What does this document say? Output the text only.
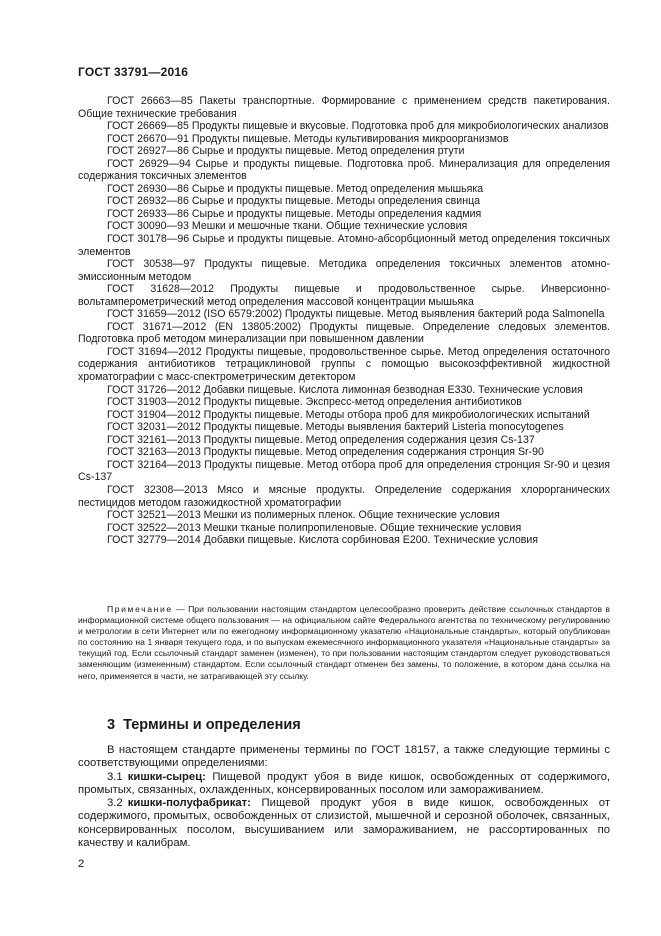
ГОСТ 33791—2016

ГОСТ 26663—85 Пакеты транспортные. Формирование с применением средств пакетирования. Общие технические требования

ГОСТ 26669—85 Продукты пищевые и вкусовые. Подготовка проб для микробиологических анализов

ГОСТ 26670—91 Продукты пищевые. Методы культивирования микроорганизмов

ГОСТ 26927—86 Сырье и продукты пищевые. Метод определения ртути

ГОСТ 26929—94 Сырье и продукты пищевые. Подготовка проб. Минерализация для определения содержания токсичных элементов

ГОСТ 26930—86 Сырье и продукты пищевые. Метод определения мышьяка

ГОСТ 26932—86 Сырье и продукты пищевые. Методы определения свинца

ГОСТ 26933—86 Сырье и продукты пищевые. Методы определения кадмия

ГОСТ 30090—93 Мешки и мешочные ткани. Общие технические условия

ГОСТ 30178—96 Сырье и продукты пищевые. Атомно-абсорбционный метод определения токсичных элементов

ГОСТ 30538—97 Продукты пищевые. Методика определения токсичных элементов атомно-эмиссионным методом

ГОСТ 31628—2012 Продукты пищевые и продовольственное сырье. Инверсионно-вольтамперометрический метод определения массовой концентрации мышьяка

ГОСТ 31659—2012 (ISO 6579:2002) Продукты пищевые. Метод выявления бактерий рода Salmonella

ГОСТ 31671—2012 (EN 13805:2002) Продукты пищевые. Определение следовых элементов. Подготовка проб методом минерализации при повышенном давлении

ГОСТ 31694—2012 Продукты пищевые, продовольственное сырье. Метод определения остаточного содержания антибиотиков тетрациклиновой группы с помощью высокоэффективной жидкостной хроматографии с масс-спектрометрическим детектором

ГОСТ 31726—2012 Добавки пищевые. Кислота лимонная безводная Е330. Технические условия

ГОСТ 31903—2012 Продукты пищевые. Экспресс-метод определения антибиотиков

ГОСТ 31904—2012 Продукты пищевые. Методы отбора проб для микробиологических испытаний

ГОСТ 32031—2012 Продукты пищевые. Методы выявления бактерий Listeria monocytogenes

ГОСТ 32161—2013 Продукты пищевые. Метод определения содержания цезия Cs-137

ГОСТ 32163—2013 Продукты пищевые. Метод определения содержания стронция Sr-90

ГОСТ 32164—2013 Продукты пищевые. Метод отбора проб для определения стронция Sr-90 и цезия Cs-137

ГОСТ 32308—2013 Мясо и мясные продукты. Определение содержания хлорорганических пестицидов методом газожидкостной хроматографии

ГОСТ 32521—2013 Мешки из полимерных пленок. Общие технические условия

ГОСТ 32522—2013 Мешки тканые полипропиленовые. Общие технические условия

ГОСТ 32779—2014 Добавки пищевые. Кислота сорбиновая Е200. Технические условия

Примечание — При пользовании настоящим стандартом целесообразно проверить действие ссылочных стандартов в информационной системе общего пользования — на официальном сайте Федерального агентства по техническому регулированию и метрологии в сети Интернет или по ежегодному информационному указателю «Национальные стандарты», который опубликован по состоянию на 1 января текущего года, и по выпускам ежемесячного информационного указателя «Национальные стандарты» за текущий год. Если ссылочный стандарт заменен (изменен), то при пользовании настоящим стандартом следует руководствоваться заменяющим (измененным) стандартом. Если ссылочный стандарт отменен без замены, то положение, в котором дана ссылка на него, применяется в части, не затрагивающей эту ссылку.

3 Термины и определения

В настоящем стандарте применены термины по ГОСТ 18157, а также следующие термины с соответствующими определениями:

3.1 кишки-сырец: Пищевой продукт убоя в виде кишок, освобожденных от содержимого, промытых, связанных, охлажденных, консервированных посолом или замораживанием.

3.2 кишки-полуфабрикат: Пищевой продукт убоя в виде кишок, освобожденных от содержимого, промытых, освобожденных от слизистой, мышечной и серозной оболочек, связанных, консервированных посолом, высушиванием или замораживанием, не рассортированных по качеству и калибрам.

2
